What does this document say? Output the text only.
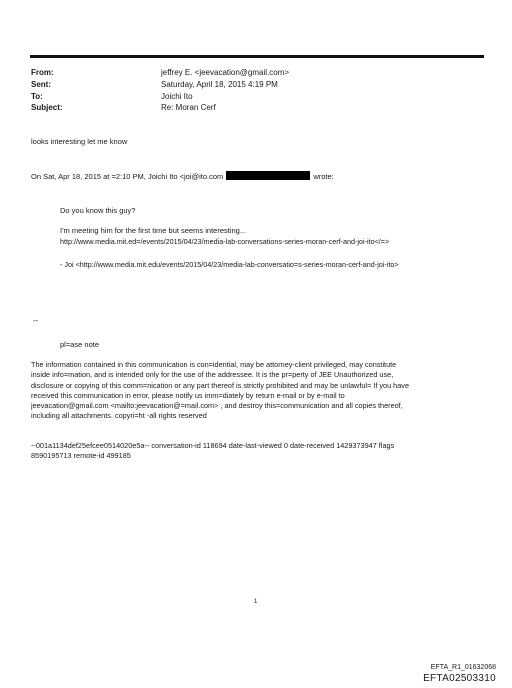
From:	jeffrey E. <jeevacation@gmail.com>
Sent:	Saturday, April 18, 2015 4:19 PM
To:	Joichi Ito
Subject:	Re: Moran Cerf
looks interesting let me know
On Sat, Apr 18, 2015 at =2:10 PM, Joichi Ito <joi@ito.com	wrote:
Do you know this guy?
I'm meeting him for the first time but seems interesting...
http://www.media.mit.ed=/events/2015/04/23/media-lab-conversations-series-moran-cerf-and-joi-ito</=>
- Joi <http://www.media.mit.edu/events/2015/04/23/media-lab-conversatio=s-series-moran-cerf-and-joi-ito>
--
pl=ase note
The information contained in this communication is con=idential, may be attorney-client privileged, may constitute
inside info=mation, and is intended only for the use of the addressee. It is the pr=perty of JEE Unauthorized use,
disclosure or copying of this comm=nication or any part thereof is strictly prohibited and may be unlawful= If you have
received this communication in error, please notify us imm=diately by return e-mail or by e-mail to
jeevacation@gmail.com <mailto:jeevacation@=mail.com> , and destroy this=communication and all copies thereof,
including all attachments. copyri=ht -all rights reserved
--001a1134def25efcee0514020e5a-- conversation-id 118694 date-last-viewed 0 date-received 1429373947 flags
8590195713 remote-id 499185
1
EFTA_R1_01632068
EFTA02503310
